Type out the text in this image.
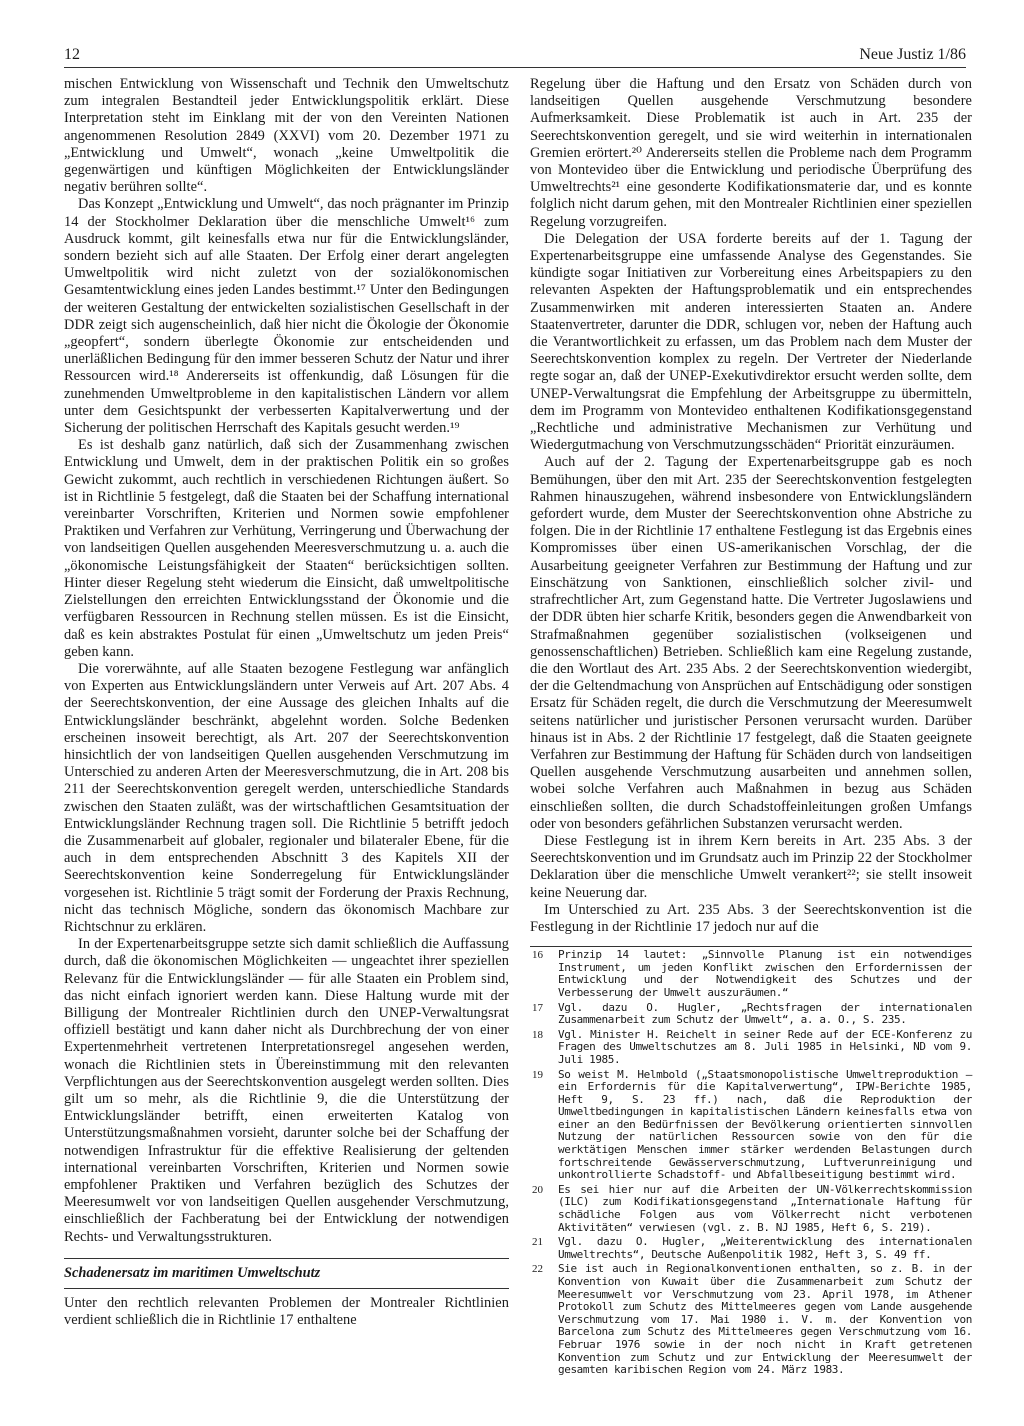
12	Neue Justiz 1/86

mischen Entwicklung von Wissenschaft und Technik den Umweltschutz zum integralen Bestandteil jeder Entwicklungspolitik erklärt. Diese Interpretation steht im Einklang mit der von den Vereinten Nationen angenommenen Resolution 2849 (XXVI) vom 20. Dezember 1971 zu „Entwicklung und Umwelt“, wonach „keine Umweltpolitik die gegenwärtigen und künftigen Möglichkeiten der Entwicklungsländer negativ berühren sollte“.

Das Konzept „Entwicklung und Umwelt“, das noch prägnanter im Prinzip 14 der Stockholmer Deklaration über die menschliche Umwelt¹⁶ zum Ausdruck kommt, gilt keinesfalls etwa nur für die Entwicklungsländer, sondern bezieht sich auf alle Staaten. Der Erfolg einer derart angelegten Umweltpolitik wird nicht zuletzt von der sozialökonomischen Gesamtentwicklung eines jeden Landes bestimmt.¹⁷ Unter den Bedingungen der weiteren Gestaltung der entwickelten sozialistischen Gesellschaft in der DDR zeigt sich augenscheinlich, daß hier nicht die Ökologie der Ökonomie „geopfert“, sondern überlegte Ökonomie zur entscheidenden und unerläßlichen Bedingung für den immer besseren Schutz der Natur und ihrer Ressourcen wird.¹⁸ Andererseits ist offenkundig, daß Lösungen für die zunehmenden Umweltprobleme in den kapitalistischen Ländern vor allem unter dem Gesichtspunkt der verbesserten Kapitalverwertung und der Sicherung der politischen Herrschaft des Kapitals gesucht werden.¹⁹

Es ist deshalb ganz natürlich, daß sich der Zusammenhang zwischen Entwicklung und Umwelt, dem in der praktischen Politik ein so großes Gewicht zukommt, auch rechtlich in verschiedenen Richtungen äußert. So ist in Richtlinie 5 festgelegt, daß die Staaten bei der Schaffung international vereinbarter Vorschriften, Kriterien und Normen sowie empfohlener Praktiken und Verfahren zur Verhütung, Verringerung und Überwachung der von landseitigen Quellen ausgehenden Meeresverschmutzung u. a. auch die „ökonomische Leistungsfähigkeit der Staaten“ berücksichtigen sollten. Hinter dieser Regelung steht wiederum die Einsicht, daß umweltpolitische Zielstellungen den erreichten Entwicklungsstand der Ökonomie und die verfügbaren Ressourcen in Rechnung stellen müssen. Es ist die Einsicht, daß es kein abstraktes Postulat für einen „Umweltschutz um jeden Preis“ geben kann.

Die vorerwähnte, auf alle Staaten bezogene Festlegung war anfänglich von Experten aus Entwicklungsländern unter Verweis auf Art. 207 Abs. 4 der Seerechtskonvention, der eine Aussage des gleichen Inhalts auf die Entwicklungsländer beschränkt, abgelehnt worden. Solche Bedenken erscheinen insoweit berechtigt, als Art. 207 der Seerechtskonvention hinsichtlich der von landseitigen Quellen ausgehenden Verschmutzung im Unterschied zu anderen Arten der Meeresverschmutzung, die in Art. 208 bis 211 der Seerechtskonvention geregelt werden, unterschiedliche Standards zwischen den Staaten zuläßt, was der wirtschaftlichen Gesamtsituation der Entwicklungsländer Rechnung tragen soll. Die Richtlinie 5 betrifft jedoch die Zusammenarbeit auf globaler, regionaler und bilateraler Ebene, für die auch in dem entsprechenden Abschnitt 3 des Kapitels XII der Seerechtskonvention keine Sonderregelung für Entwicklungsländer vorgesehen ist. Richtlinie 5 trägt somit der Forderung der Praxis Rechnung, nicht das technisch Mögliche, sondern das ökonomisch Machbare zur Richtschnur zu erklären.

In der Expertenarbeitsgruppe setzte sich damit schließlich die Auffassung durch, daß die ökonomischen Möglichkeiten — ungeachtet ihrer speziellen Relevanz für die Entwicklungsländer — für alle Staaten ein Problem sind, das nicht einfach ignoriert werden kann. Diese Haltung wurde mit der Billigung der Montrealer Richtlinien durch den UNEP-Verwaltungsrat offiziell bestätigt und kann daher nicht als Durchbrechung der von einer Expertenmehrheit vertretenen Interpretationsregel angesehen werden, wonach die Richtlinien stets in Übereinstimmung mit den relevanten Verpflichtungen aus der Seerechtskonvention ausgelegt werden sollten. Dies gilt um so mehr, als die Richtlinie 9, die die Unterstützung der Entwicklungsländer betrifft, einen erweiterten Katalog von Unterstützungsmaßnahmen vorsieht, darunter solche bei der Schaffung der notwendigen Infrastruktur für die effektive Realisierung der geltenden international vereinbarten Vorschriften, Kriterien und Normen sowie empfohlener Praktiken und Verfahren bezüglich des Schutzes der Meeresumwelt vor von landseitigen Quellen ausgehender Verschmutzung, einschließlich der Fachberatung bei der Entwicklung der notwendigen Rechts- und Verwaltungsstrukturen.

Schadenersatz im maritimen Umweltschutz

Unter den rechtlich relevanten Problemen der Montrealer Richtlinien verdient schließlich die in Richtlinie 17 enthaltene

Regelung über die Haftung und den Ersatz von Schäden durch von landseitigen Quellen ausgehende Verschmutzung besondere Aufmerksamkeit. Diese Problematik ist auch in Art. 235 der Seerechtskonvention geregelt, und sie wird weiterhin in internationalen Gremien erörtert.²⁰ Andererseits stellen die Probleme nach dem Programm von Montevideo über die Entwicklung und periodische Überprüfung des Umweltrechts²¹ eine gesonderte Kodifikationsmaterie dar, und es konnte folglich nicht darum gehen, mit den Montrealer Richtlinien einer speziellen Regelung vorzugreifen.

Die Delegation der USA forderte bereits auf der 1. Tagung der Expertenarbeitsgruppe eine umfassende Analyse des Gegenstandes. Sie kündigte sogar Initiativen zur Vorbereitung eines Arbeitspapiers zu den relevanten Aspekten der Haftungsproblematik und ein entsprechendes Zusammenwirken mit anderen interessierten Staaten an. Andere Staatenvertreter, darunter die DDR, schlugen vor, neben der Haftung auch die Verantwortlichkeit zu erfassen, um das Problem nach dem Muster der Seerechtskonvention komplex zu regeln. Der Vertreter der Niederlande regte sogar an, daß der UNEP-Exekutivdirektor ersucht werden sollte, dem UNEP-Verwaltungsrat die Empfehlung der Arbeitsgruppe zu übermitteln, dem im Programm von Montevideo enthaltenen Kodifikationsgegenstand „Rechtliche und administrative Mechanismen zur Verhütung und Wiedergutmachung von Verschmutzungsschäden“ Priorität einzuräumen.

Auch auf der 2. Tagung der Expertenarbeitsgruppe gab es noch Bemühungen, über den mit Art. 235 der Seerechtskonvention festgelegten Rahmen hinauszugehen, während insbesondere von Entwicklungsländern gefordert wurde, dem Muster der Seerechtskonvention ohne Abstriche zu folgen. Die in der Richtlinie 17 enthaltene Festlegung ist das Ergebnis eines Kompromisses über einen US-amerikanischen Vorschlag, der die Ausarbeitung geeigneter Verfahren zur Bestimmung der Haftung und zur Einschätzung von Sanktionen, einschließlich solcher zivil- und strafrechtlicher Art, zum Gegenstand hatte. Die Vertreter Jugoslawiens und der DDR übten hier scharfe Kritik, besonders gegen die Anwendbarkeit von Strafmaßnahmen gegenüber sozialistischen (volkseigenen und genossenschaftlichen) Betrieben. Schließlich kam eine Regelung zustande, die den Wortlaut des Art. 235 Abs. 2 der Seerechtskonvention wiedergibt, der die Geltendmachung von Ansprüchen auf Entschädigung oder sonstigen Ersatz für Schäden regelt, die durch die Verschmutzung der Meeresumwelt seitens natürlicher und juristischer Personen verursacht wurden. Darüber hinaus ist in Abs. 2 der Richtlinie 17 festgelegt, daß die Staaten geeignete Verfahren zur Bestimmung der Haftung für Schäden durch von landseitigen Quellen ausgehende Verschmutzung ausarbeiten und annehmen sollen, wobei solche Verfahren auch Maßnahmen in bezug aus Schäden einschließen sollten, die durch Schadstoffeinleitungen großen Umfangs oder von besonders gefährlichen Substanzen verursacht werden.

Diese Festlegung ist in ihrem Kern bereits in Art. 235 Abs. 3 der Seerechtskonvention und im Grundsatz auch im Prinzip 22 der Stockholmer Deklaration über die menschliche Umwelt verankert²²; sie stellt insoweit keine Neuerung dar.

Im Unterschied zu Art. 235 Abs. 3 der Seerechtskonvention ist die Festlegung in der Richtlinie 17 jedoch nur auf die

16	Prinzip 14 lautet: „Sinnvolle Planung ist ein notwendiges Instrument, um jeden Konflikt zwischen den Erfordernissen der Entwicklung und der Notwendigkeit des Schutzes und der Verbesserung der Umwelt auszuräumen.“
17	Vgl. dazu O. Hugler, „Rechtsfragen der internationalen Zusammenarbeit zum Schutz der Umwelt“, a. a. O., S. 235.
18	Vgl. Minister H. Reichelt in seiner Rede auf der ECE-Konferenz zu Fragen des Umweltschutzes am 8. Juli 1985 in Helsinki, ND vom 9. Juli 1985.
19	So weist M. Helmbold („Staatsmonopolistische Umweltreproduktion – ein Erfordernis für die Kapitalverwertung“, IPW-Berichte 1985, Heft 9, S. 23 ff.) nach, daß die Reproduktion der Umweltbedingungen in kapitalistischen Ländern keinesfalls etwa von einer an den Bedürfnissen der Bevölkerung orientierten sinnvollen Nutzung der natürlichen Ressourcen sowie von den für die werktätigen Menschen immer stärker werdenden Belastungen durch fortschreitende Gewässerverschmutzung, Luftverunreinigung und unkontrollierte Schadstoff- und Abfallbeseitigung bestimmt wird.
20	Es sei hier nur auf die Arbeiten der UN-Völkerrechtskommission (ILC) zum Kodifikationsgegenstand „Internationale Haftung für schädliche Folgen aus vom Völkerrecht nicht verbotenen Aktivitäten“ verwiesen (vgl. z. B. NJ 1985, Heft 6, S. 219).
21	Vgl. dazu O. Hugler, „Weiterentwicklung des internationalen Umweltrechts“, Deutsche Außenpolitik 1982, Heft 3, S. 49 ff.
22	Sie ist auch in Regionalkonventionen enthalten, so z. B. in der Konvention von Kuwait über die Zusammenarbeit zum Schutz der Meeresumwelt vor Verschmutzung vom 23. April 1978, im Athener Protokoll zum Schutz des Mittelmeeres gegen vom Lande ausgehende Verschmutzung vom 17. Mai 1980 i. V. m. der Konvention von Barcelona zum Schutz des Mittelmeeres gegen Verschmutzung vom 16. Februar 1976 sowie in der noch nicht in Kraft getretenen Konvention zum Schutz und zur Entwicklung der Meeresumwelt der gesamten karibischen Region vom 24. März 1983.
